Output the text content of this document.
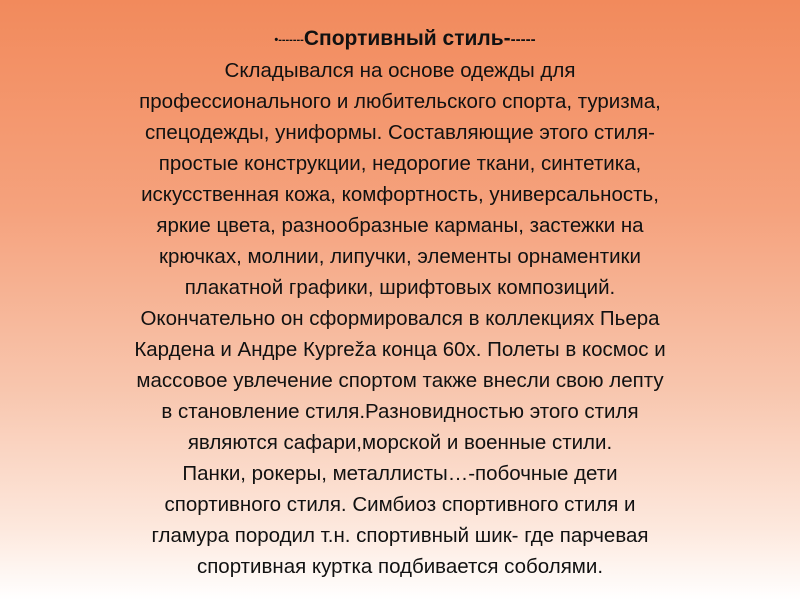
•-------Спортивный стиль------
Складывался на основе одежды для
профессионального и любительского спорта, туризма,
спецодежды, униформы. Составляющие этого стиля-
простые конструкции, недорогие ткани, синтетика,
искусственная кожа, комфортность, универсальность,
яркие цвета, разнообразные карманы, застежки на
крючках, молнии, липучки, элементы орнаментики
плакатной графики, шрифтовых композиций.
Окончательно он сформировался в коллекциях Пьера
Кардена и Андре Курrežа конца 60х. Полеты в космос и
массовое увлечение спортом также внесли свою лепту
в становление стиля.Разновидностью этого стиля
являются сафари,морской и военные стили.
Панки, рокеры, металлисты…-побочные дети
спортивного стиля. Симбиоз спортивного стиля и
гламура породил т.н. спортивный шик- где парчевая
спортивная куртка подбивается соболями.
